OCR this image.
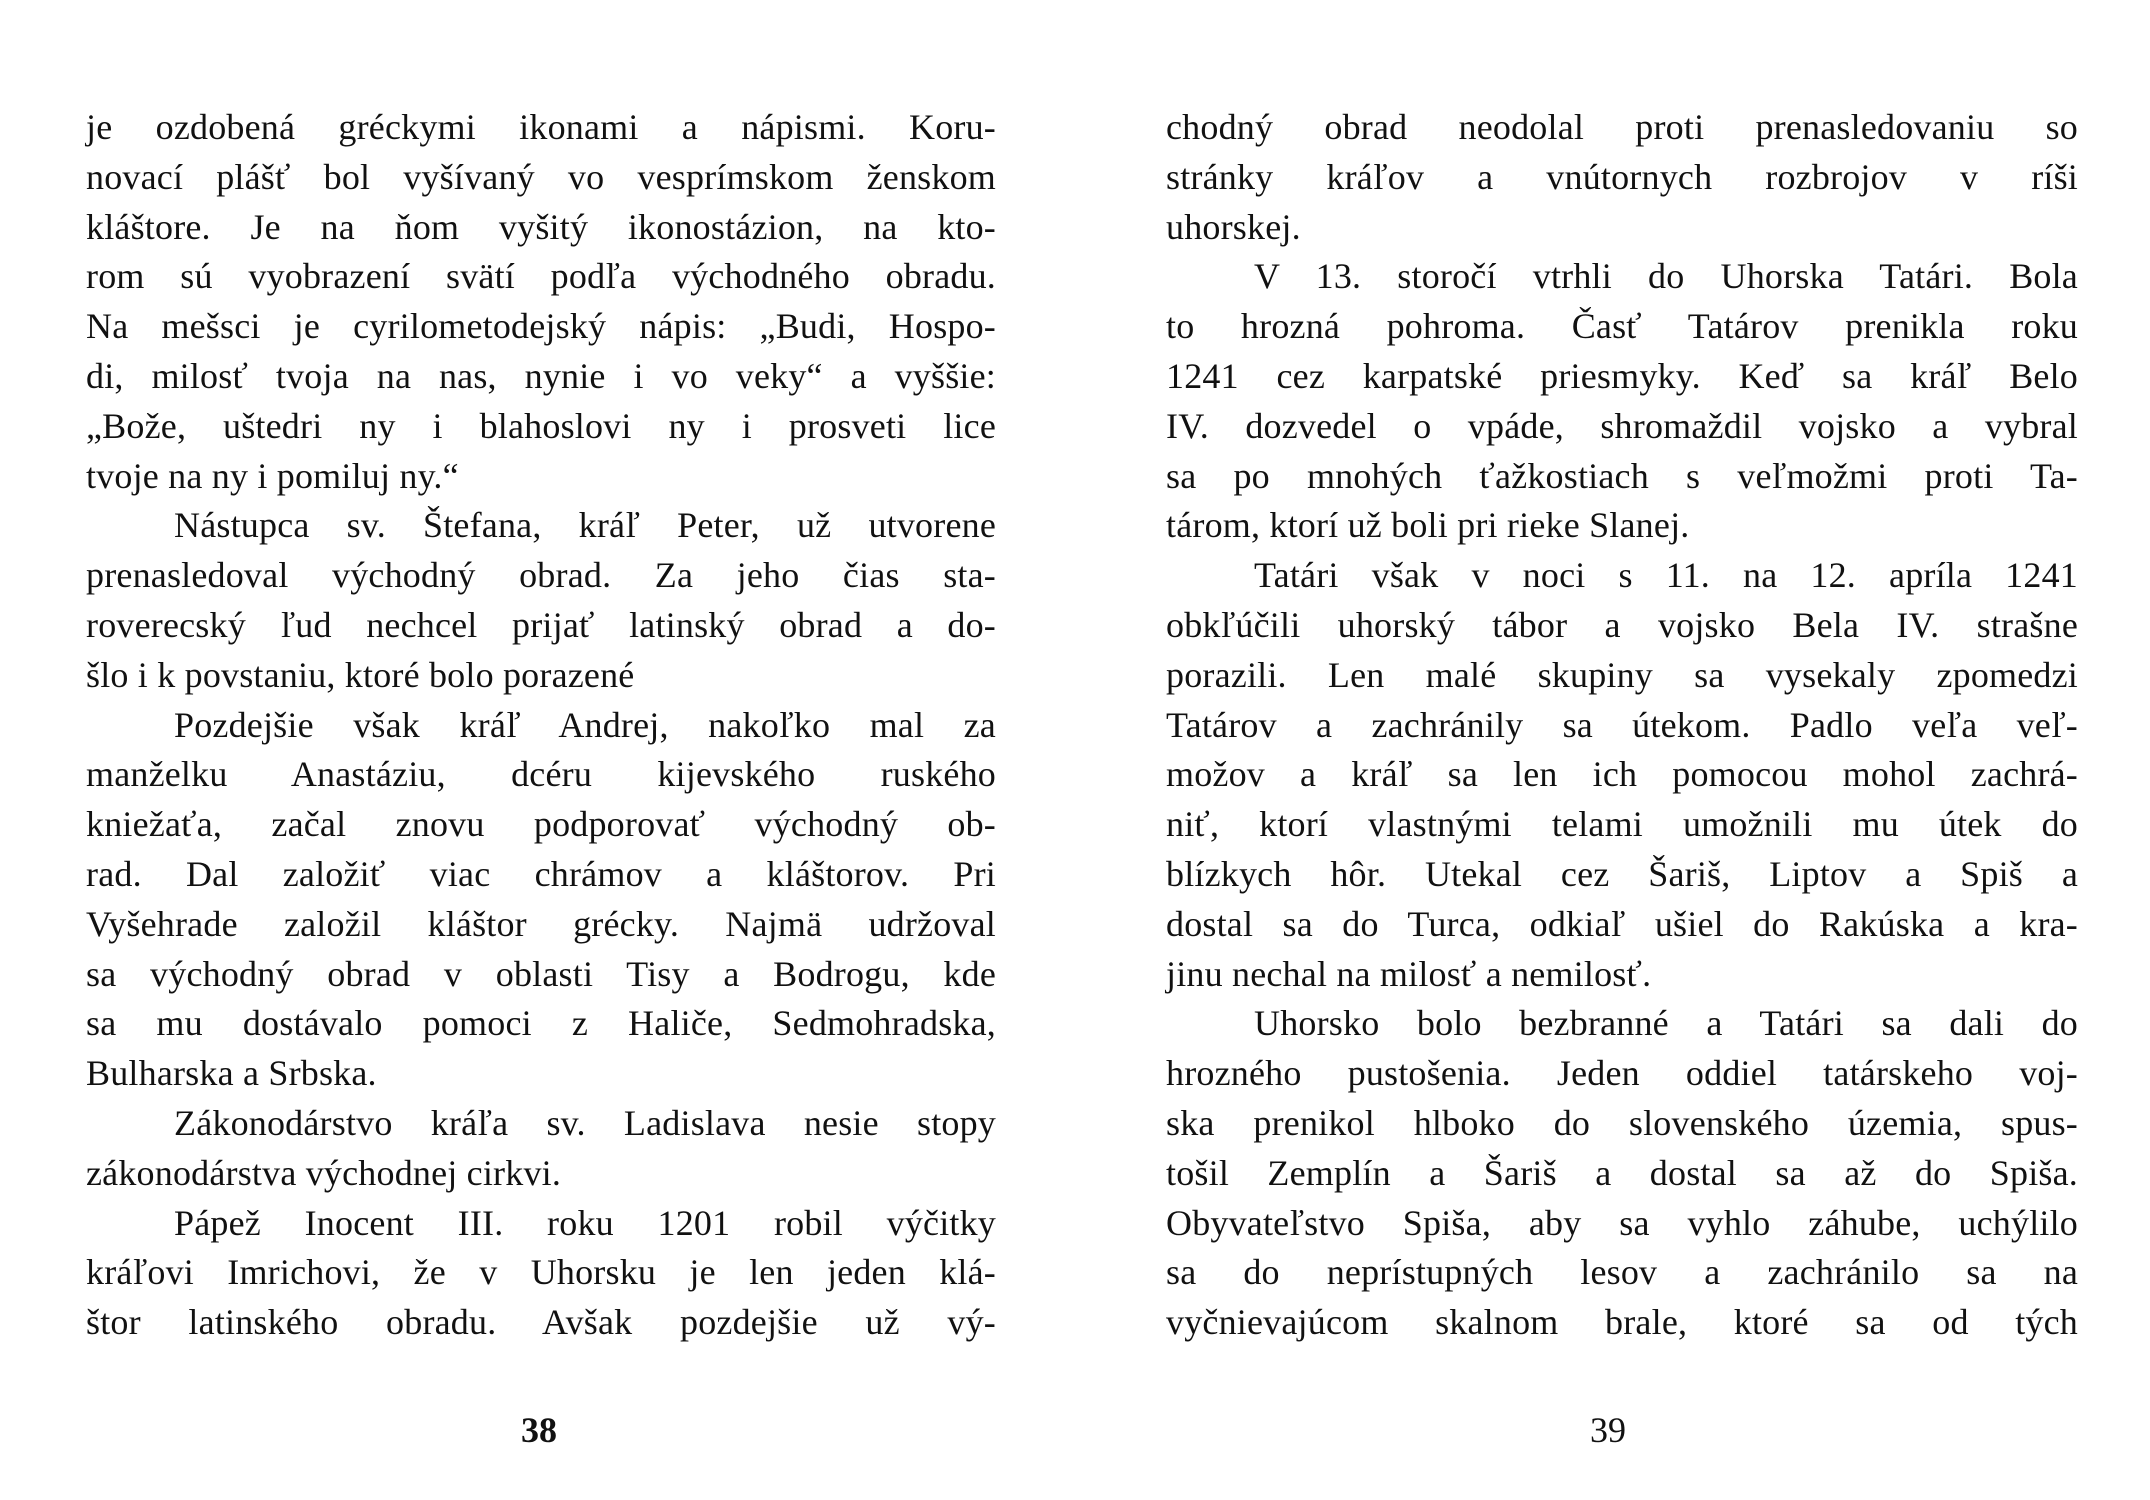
je ozdobená gréckymi ikonami a nápismi. Koru-
novací plášť bol vyšívaný vo vesprímskom ženskom
kláštore. Je na ňom vyšitý ikonostázion, na kto-
rom sú vyobrazení svätí podľa východného obradu.
Na mešsci je cyrilometodejský nápis: „Budi, Hospo-
di, milosť tvoja na nas, nynie i vo veky“ a vyššie:
„Bože, uštedri ny i blahoslovi ny i prosveti lice
tvoje na ny i pomiluj ny.“
Nástupca sv. Štefana, kráľ Peter, už utvorene
prenasledoval východný obrad. Za jeho čias sta-
roverecský ľud nechcel prijať latinský obrad a do-
šlo i k povstaniu, ktoré bolo porazené
Pozdejšie však kráľ Andrej, nakoľko mal za
manželku Anastáziu, dcéru kijevského ruského
kniežaťa, začal znovu podporovať východný ob-
rad. Dal založiť viac chrámov a kláštorov. Pri
Vyšehrade založil kláštor grécky. Najmä udržoval
sa východný obrad v oblasti Tisy a Bodrogu, kde
sa mu dostávalo pomoci z Haliče, Sedmohradska,
Bulharska a Srbska.
Zákonodárstvo kráľa sv. Ladislava nesie stopy
zákonodárstva východnej cirkvi.
Pápež Inocent III. roku 1201 robil výčitky
kráľovi Imrichovi, že v Uhorsku je len jeden klá-
štor latinského obradu. Avšak pozdejšie už vý-
38
chodný obrad neodolal proti prenasledovaniu so
stránky kráľov a vnútornych rozbrojov v ríši
uhorskej.
V 13. storočí vtrhli do Uhorska Tatári. Bola
to hrozná pohroma. Časť Tatárov prenikla roku
1241 cez karpatské priesmyky. Keď sa kráľ Belo
IV. dozvedel o vpáde, shromaždil vojsko a vybral
sa po mnohých ťažkostiach s veľmožmi proti Ta-
tárom, ktorí už boli pri rieke Slanej.
Tatári však v noci s 11. na 12. apríla 1241
obkľúčili uhorský tábor a vojsko Bela IV. strašne
porazili. Len malé skupiny sa vysekaly zpomedzi
Tatárov a zachránily sa útekom. Padlo veľa veľ-
možov a kráľ sa len ich pomocou mohol zachrá-
niť, ktorí vlastnými telami umožnili mu útek do
blízkych hôr. Utekal cez Šariš, Liptov a Spiš a
dostal sa do Turca, odkiaľ ušiel do Rakúska a kra-
jinu nechal na milosť a nemilosť.
Uhorsko bolo bezbranné a Tatári sa dali do
hrozného pustošenia. Jeden oddiel tatárskeho voj-
ska prenikol hlboko do slovenského územia, spus-
tošil Zemplín a Šariš a dostal sa až do Spiša.
Obyvateľstvo Spiša, aby sa vyhlo záhube, uchýlilo
sa do neprístupných lesov a zachránilo sa na
vyčnievajúcom skalnom brale, ktoré sa od tých
39
